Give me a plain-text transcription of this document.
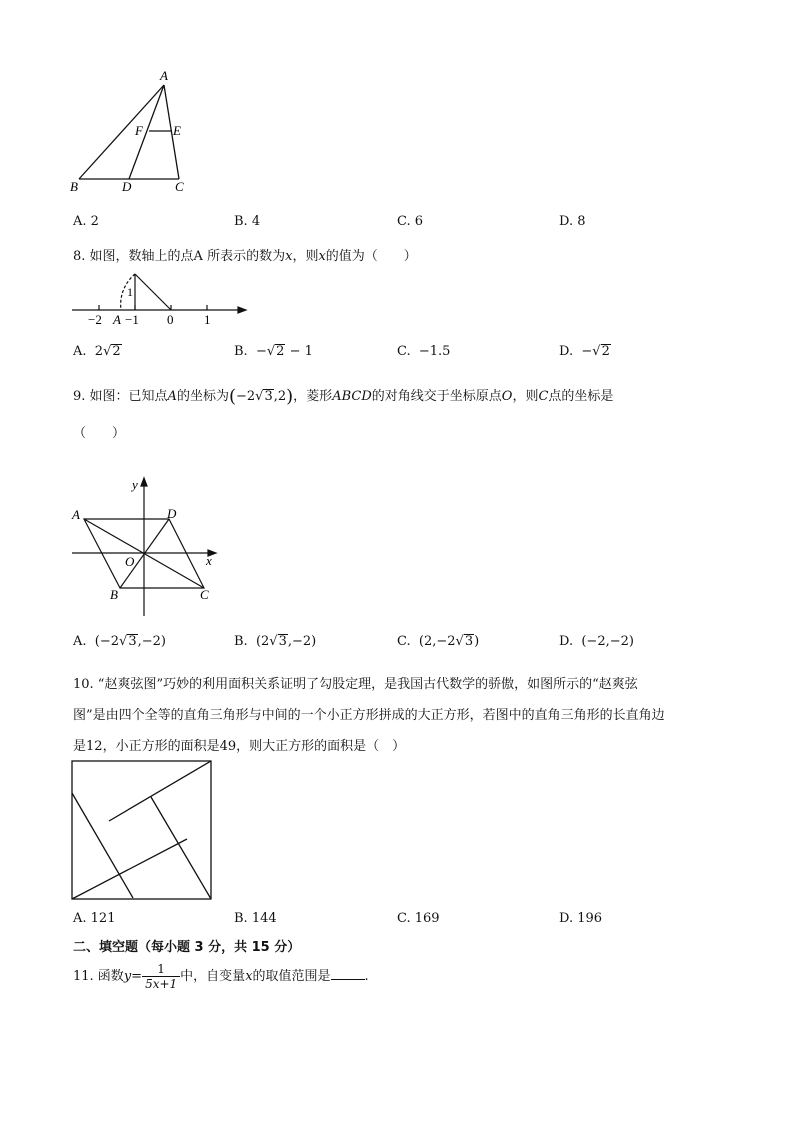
A
B	C
D
E
F
A. 2	B. 4	C. 6	D. 8
8. 如图，数轴上的点A 所表示的数为x，则x的值为（　　）
−2 A −1 0 1
1
A. 2 √ 2	B. − √ 2 − 1	C. −1.5	D. − √ 2
9. 如图：已知点A的坐标为(−2 √ 3,2)，菱形ABCD的对角线交于坐标原点O，则C点的坐标是
（　　）
A	D
B	C
O	x
y
A. (−2 √ 3,−2)	B. (2 √ 3,−2)	C. (2,−2 √ 3)	D. (−2,−2)
10. “赵爽弦图”巧妙的利用面积关系证明了勾股定理，是我国古代数学的骄傲，如图所示的“赵爽弦
图”是由四个全等的直角三角形与中间的一个小正方形拼成的大正方形，若图中的直角三角形的长直角边
是12，小正方形的面积是49，则大正方形的面积是（　）
A. 121	B. 144	C. 169	D. 196
二、填空题（每小题 3 分，共 15 分）
11. 函数$y= \frac{1}{5x+1}$ 中，自变量x的取值范围是	.
